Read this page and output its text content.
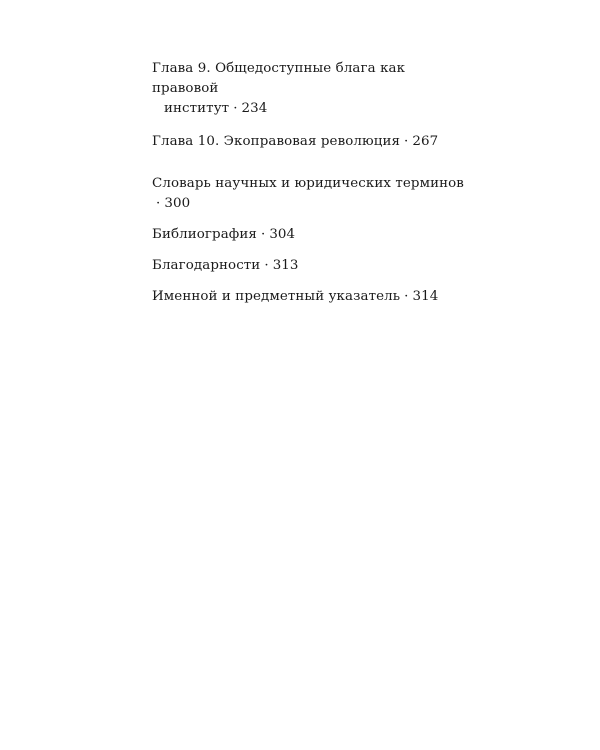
Глава 9. Общедоступные блага как правовой
институт · 234
Глава 10. Экоправовая революция · 267
Словарь научных и юридических терминов· 300
Библиография · 304
Благодарности · 313
Именной и предметный указатель · 314
